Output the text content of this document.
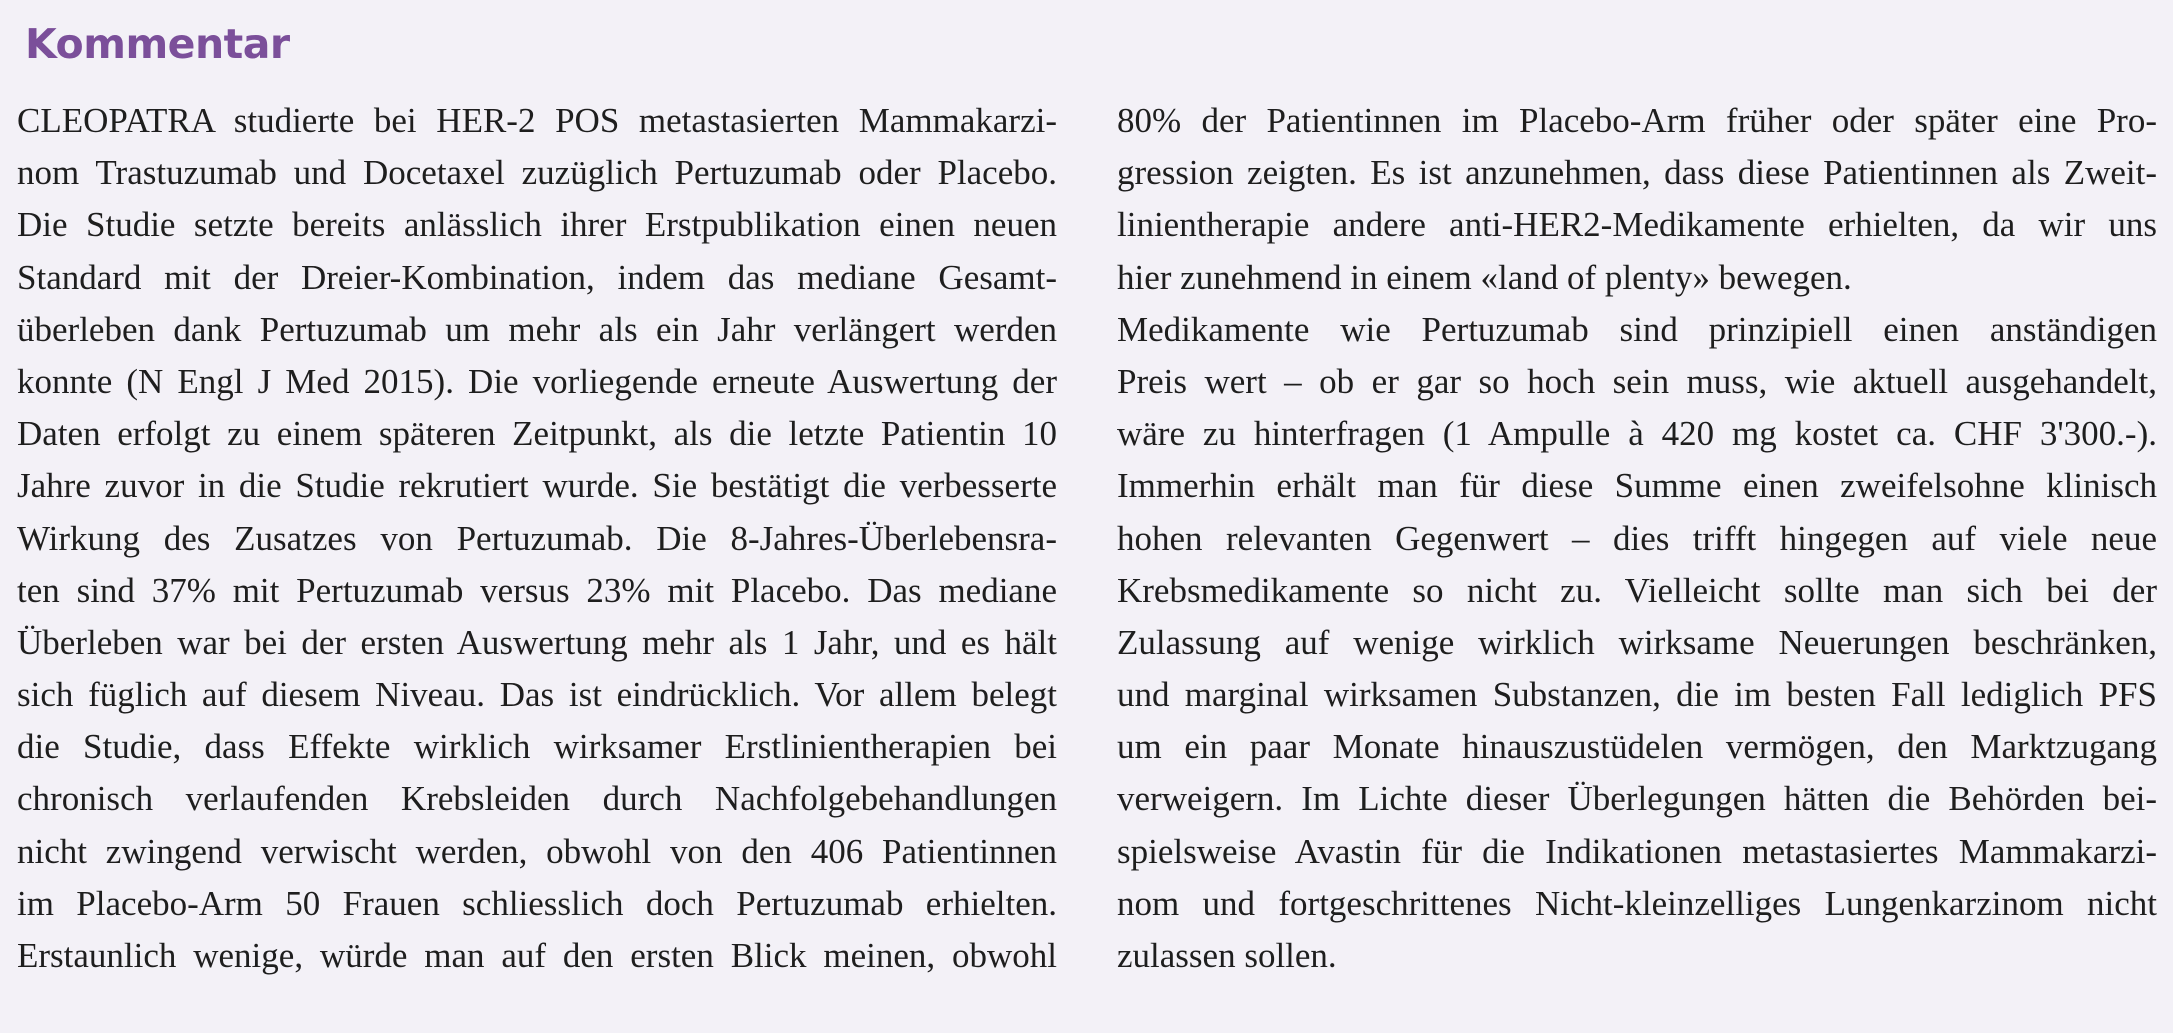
Kommentar
CLEOPATRA studierte bei HER-2 POS metastasierten Mammakarzi-
nom Trastuzumab und Docetaxel zuzüglich Pertuzumab oder Placebo.
Die Studie setzte bereits anlässlich ihrer Erstpublikation einen neuen
Standard mit der Dreier-Kombination, indem das mediane Gesamt-
überleben dank Pertuzumab um mehr als ein Jahr verlängert werden
konnte (N Engl J Med 2015). Die vorliegende erneute Auswertung der
Daten erfolgt zu einem späteren Zeitpunkt, als die letzte Patientin 10
Jahre zuvor in die Studie rekrutiert wurde. Sie bestätigt die verbesserte
Wirkung des Zusatzes von Pertuzumab. Die 8-Jahres-Überlebensra-
ten sind 37% mit Pertuzumab versus 23% mit Placebo. Das mediane
Überleben war bei der ersten Auswertung mehr als 1 Jahr, und es hält
sich füglich auf diesem Niveau. Das ist eindrücklich. Vor allem belegt
die Studie, dass Effekte wirklich wirksamer Erstlinientherapien bei
chronisch verlaufenden Krebsleiden durch Nachfolgebehandlungen
nicht zwingend verwischt werden, obwohl von den 406 Patientinnen
im Placebo-Arm 50 Frauen schliesslich doch Pertuzumab erhielten.
Erstaunlich wenige, würde man auf den ersten Blick meinen, obwohl
80% der Patientinnen im Placebo-Arm früher oder später eine Pro-
gression zeigten. Es ist anzunehmen, dass diese Patientinnen als Zweit-
linientherapie andere anti-HER2-Medikamente erhielten, da wir uns
hier zunehmend in einem «land of plenty» bewegen.
Medikamente wie Pertuzumab sind prinzipiell einen anständigen
Preis wert – ob er gar so hoch sein muss, wie aktuell ausgehandelt,
wäre zu hinterfragen (1 Ampulle à 420 mg kostet ca. CHF 3'300.-).
Immerhin erhält man für diese Summe einen zweifelsohne klinisch
hohen relevanten Gegenwert – dies trifft hingegen auf viele neue
Krebsmedikamente so nicht zu. Vielleicht sollte man sich bei der
Zulassung auf wenige wirklich wirksame Neuerungen beschränken,
und marginal wirksamen Substanzen, die im besten Fall lediglich PFS
um ein paar Monate hinauszustüdelen vermögen, den Marktzugang
verweigern. Im Lichte dieser Überlegungen hätten die Behörden bei-
spielsweise Avastin für die Indikationen metastasiertes Mammakarzi-
nom und fortgeschrittenes Nicht-kleinzelliges Lungenkarzinom nicht
zulassen sollen.
